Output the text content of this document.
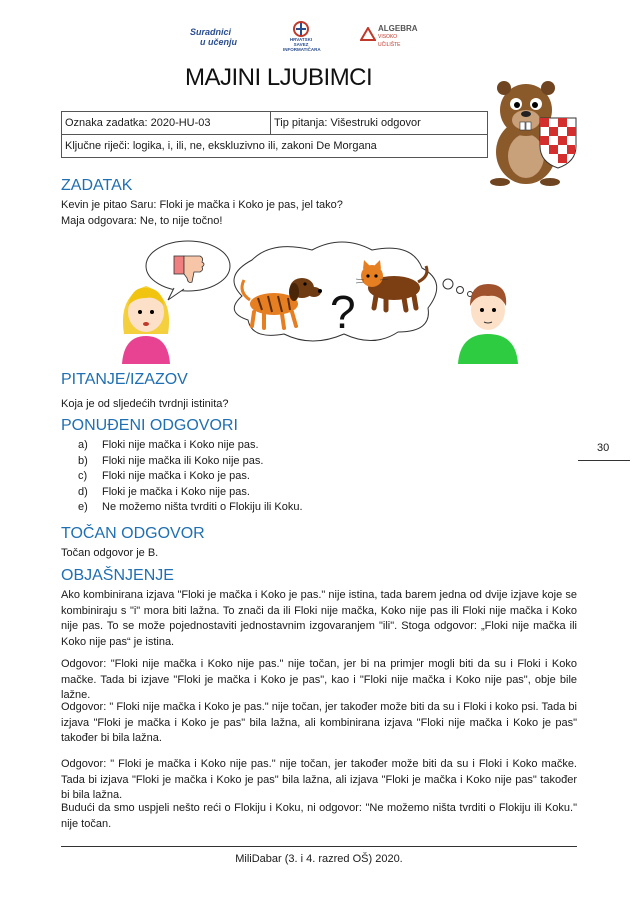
Suradnici
u učenju	HRVATSKI SAVEZ INFORMATIČARA
ALGEBRA
VISOKO
UČILIŠTE
MAJINI LJUBIMCI
Oznaka zadatka: 2020-HU-03	Tip pitanja: Višestruki odgovor
Ključne riječi: logika, i, ili, ne, ekskluzivno ili, zakoni De Morgana
ZADATAK
Kevin je pitao Saru: Floki je mačka i Koko je pas, jel tako?
Maja odgovara: Ne, to nije točno!
?
PITANJE/IZAZOV
Koja je od sljedećih tvrdnji istinita?
PONUĐENI ODGOVORI
a)	Floki nije mačka i Koko nije pas.
b)	Floki nije mačka ili Koko nije pas.
c)	Floki nije mačka i Koko je pas.
d)	Floki je mačka i Koko nije pas.
e)	Ne možemo ništa tvrditi o Flokiju ili Koku.
30
TOČAN ODGOVOR
Točan odgovor je B.
OBJAŠNJENJE
Ako kombinirana izjava "Floki je mačka i Koko je pas." nije istina, tada barem jedna od dvije izjave koje se kombiniraju s "i" mora biti lažna. To znači da ili Floki nije mačka, Koko nije pas ili Floki nije mačka i Koko nije pas. To se može pojednostaviti jednostavnim izgovaranjem "ili". Stoga odgovor: „Floki nije mačka ili Koko nije pas“ je istina.
Odgovor: "Floki nije mačka i Koko nije pas." nije točan, jer bi na primjer mogli biti da su i Floki i Koko mačke. Tada bi izjave "Floki je mačka i Koko je pas", kao i "Floki nije mačka i Koko nije pas", obje bile lažne.
Odgovor: " Floki nije mačka i Koko je pas." nije točan, jer također može biti da su i Floki i koko psi. Tada bi izjava "Floki je mačka i Koko je pas" bila lažna, ali kombinirana izjava "Floki nije mačka i Koko je pas" također bi bila lažna.
Odgovor: " Floki je mačka i Koko nije pas." nije točan, jer također može biti da su i Floki i Koko mačke. Tada bi izjava "Floki je mačka i Koko je pas" bila lažna, ali izjava "Floki je mačka i Koko nije pas" također bi bila lažna.
Budući da smo uspjeli nešto reći o Flokiju i Koku, ni odgovor: "Ne možemo ništa tvrditi o Flokiju ili Koku." nije točan.
MiliDabar (3. i 4. razred OŠ) 2020.
